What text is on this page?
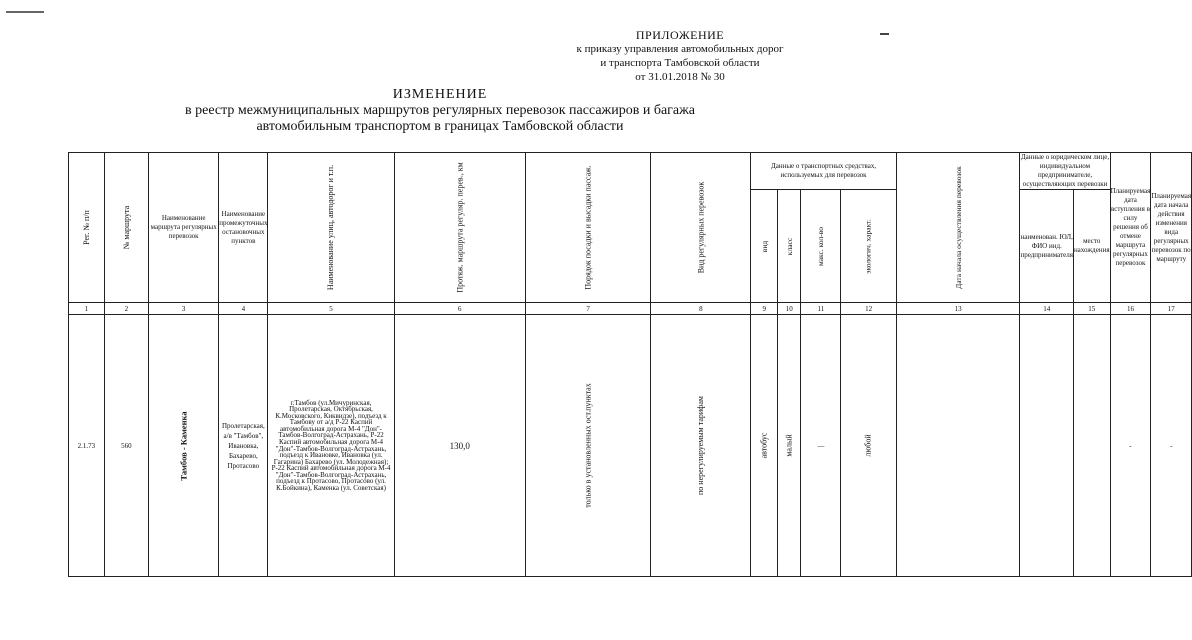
ПРИЛОЖЕНИЕ
к приказу управления автомобильных дорог
и транспорта Тамбовской области
от 31.01.2018 № 30
ИЗМЕНЕНИЕ
в реестр межмуниципальных маршрутов регулярных перевозок пассажиров и багажа
автомобильным транспортом в границах Тамбовской области
Рег. № п/п	№ маршрута	Наименование маршрута регулярных перевозок	Наименование промежуточных остановочных пунктов	Наименование улиц, автодорог и т.п.	Протяж. маршрута регуляр. перев., км	Порядок посадки и высадки пассаж.	Вид регулярных перевозок	Данные о транспортных средствах, используемых для перевозок				Дата начала осуществления перевозок	Данные о юридическом лице, индивидуальном предпринимателе, осуществляющих перевозки		Планируемая дата вступления в силу решения об отмене маршрута регулярных перевозок	Планируемая дата начала действия изменения вида регулярных перевозок по маршруту
								вид	класс	макс. кол-во	экологич. характ.		наименован. ЮЛ, ФИО инд. предпринимателя	место нахождения		
1	2	3	4	5	6	7	8	9	10	11	12	13	14	15	16	17
2.1.73	560	Тамбов - Каменка	Пролетарская, а/в "Тамбов", Ивановка, Бахарево, Протасово	г.Тамбов (ул.Мичуринская, Пролетарская, Октябрьская, К.Московского, Киквидзе), подъезд к Тамбову от а/д Р-22 Каспий автомобильная дорога М-4 "Дон"-Тамбов-Волгоград-Астрахань, Р-22 Каспий автомобильная дорога М-4 "Дон"-Тамбов-Волгоград-Астрахань, подъезд к Ивановке, Ивановка (ул. Гагарина) Бахарево (ул. Молодежная); Р-22 Каспий автомобильная дорога М-4 "Дон"-Тамбов-Волгоград-Астрахань, подъезд к Протасово, Протасово (ул. К.Бойкина), Каменка (ул. Советская)	130,0	только в установленных ост.пунктах	по нерегулируемым тарифам	автобус	малый	—	любой				-	-
